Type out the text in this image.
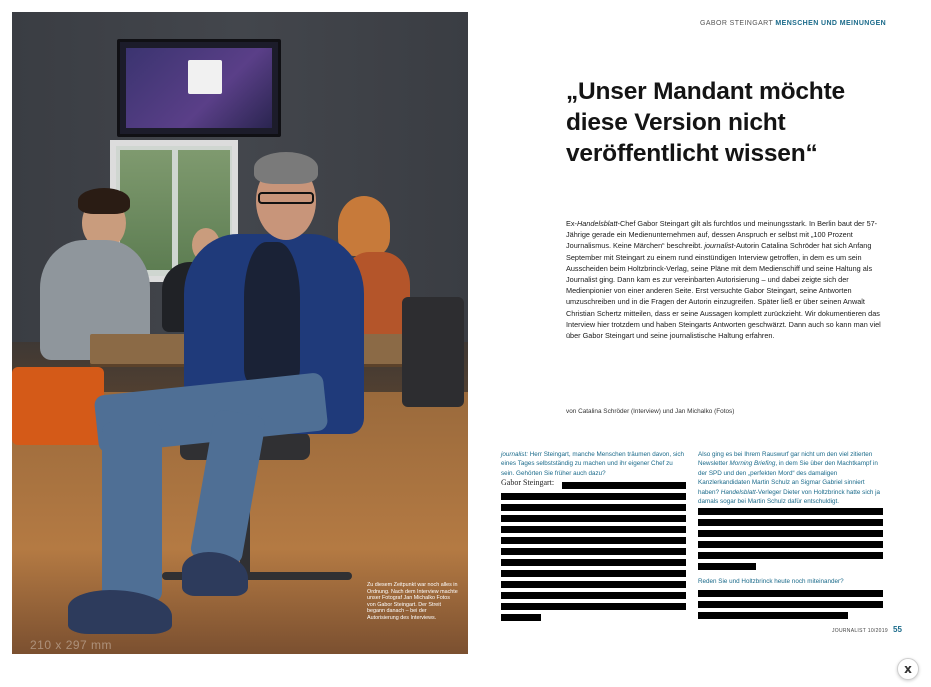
Zu diesem Zeitpunkt war noch alles in Ordnung. Nach dem Interview machte unser Fotograf Jan Michalko Fotos von Gabor Steingart. Der Streit begann danach – bei der Autorisierung des Interviews.
210 x 297 mm
GABOR STEINGART MENSCHEN UND MEINUNGEN
„Unser Mandant möchte diese Version nicht veröffentlicht wissen“
Ex-Handelsblatt-Chef Gabor Steingart gilt als furchtlos und meinungsstark. In Berlin baut der 57-Jährige gerade ein Medienunternehmen auf, dessen Anspruch er selbst mit „100 Prozent Journalismus. Keine Märchen“ beschreibt. journalist-Autorin Catalina Schröder hat sich Anfang September mit Steingart zu einem rund einstündigen Interview getroffen, in dem es um sein Ausscheiden beim Holtzbrinck-Verlag, seine Pläne mit dem Medienschiff und seine Haltung als Journalist ging. Dann kam es zur vereinbarten Autorisierung – und dabei zeigte sich der Medienpionier von einer anderen Seite. Erst versuchte Gabor Steingart, seine Antworten umzuschreiben und in die Fragen der Autorin einzugreifen. Später ließ er über seinen Anwalt Christian Schertz mitteilen, dass er seine Aussagen komplett zurückzieht. Wir dokumentieren das Interview hier trotzdem und haben Steingarts Antworten geschwärzt. Dann auch so kann man viel über Gabor Steingart und seine journalistische Haltung erfahren.
von Catalina Schröder (Interview) und Jan Michalko (Fotos)
journalist: Herr Steingart, manche Menschen träumen davon, sich eines Tages selbstständig zu machen und ihr eigener Chef zu sein. Gehörten Sie früher auch dazu?
Gabor Steingart:
Also ging es bei Ihrem Rauswurf gar nicht um den viel zitierten Newsletter Morning Briefing, in dem Sie über den Machtkampf in der SPD und den „perfekten Mord“ des damaligen Kanzlerkandidaten Martin Schulz an Sigmar Gabriel sinniert haben? Handelsblatt-Verleger Dieter von Holtzbrinck hatte sich ja damals sogar bei Martin Schulz dafür entschuldigt.
Reden Sie und Holtzbrinck heute noch miteinander?
JOURNALIST 10/2019 55
x
